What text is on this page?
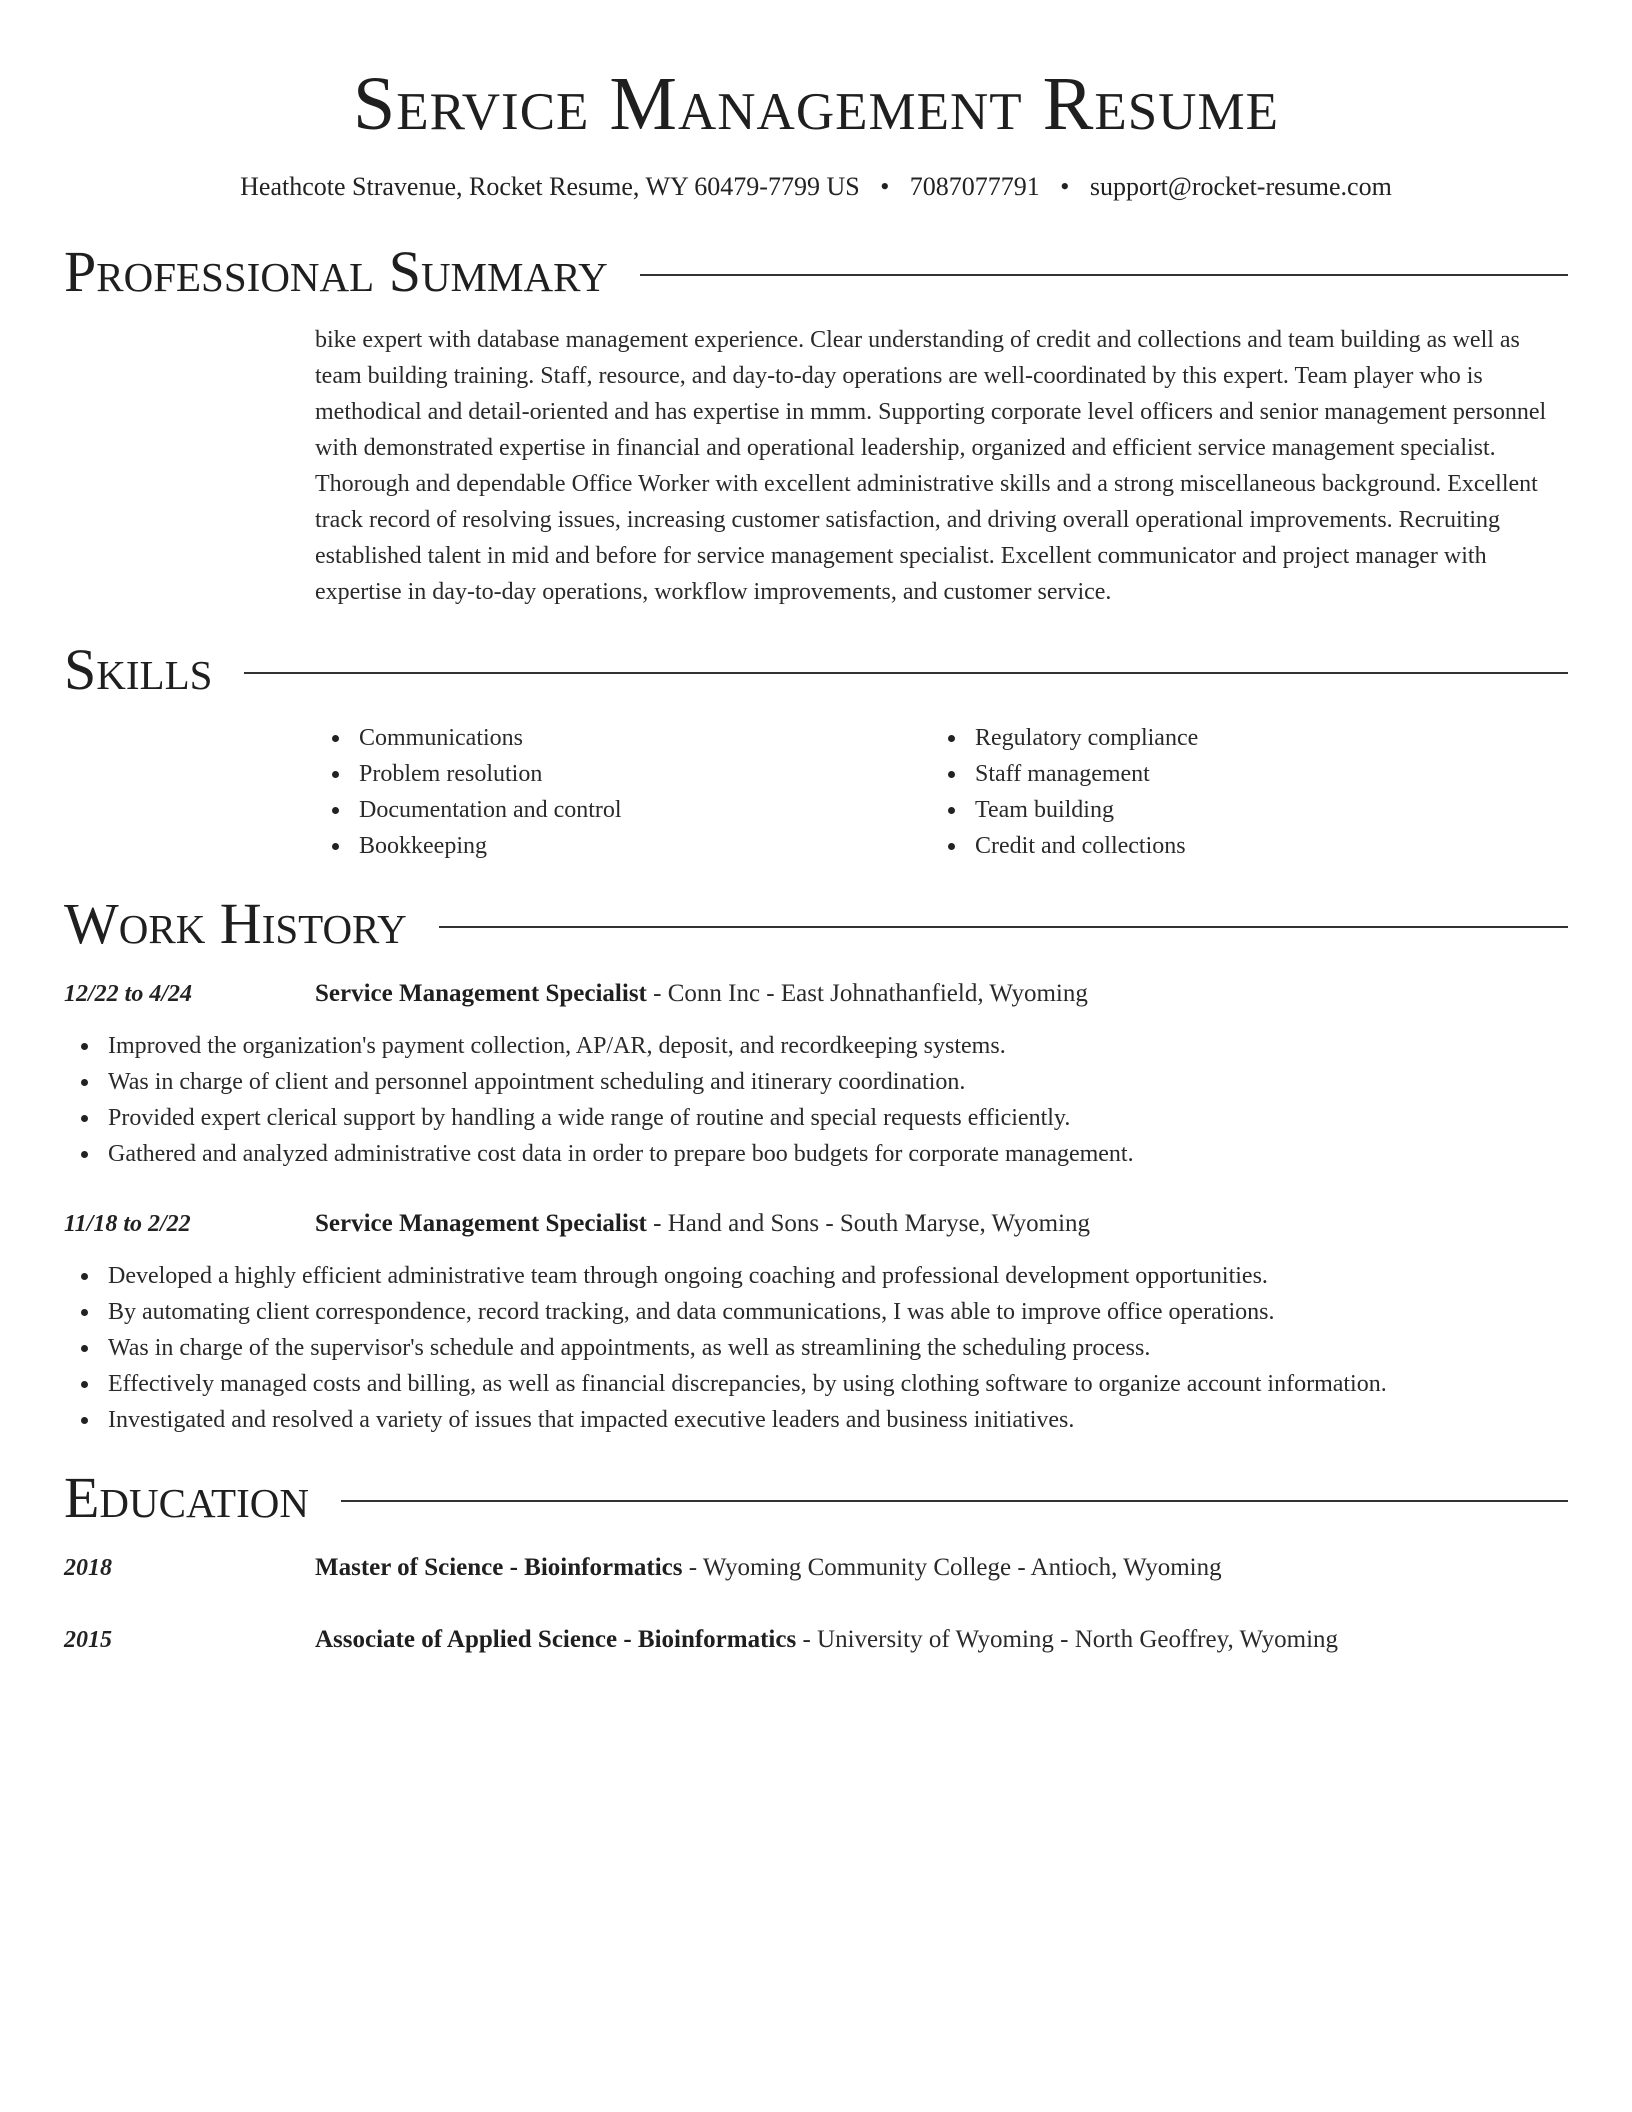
Service Management Resume
Heathcote Stravenue, Rocket Resume, WY 60479-7799 US • 7087077791 • support@rocket-resume.com
Professional Summary
bike expert with database management experience. Clear understanding of credit and collections and team building as well as team building training. Staff, resource, and day-to-day operations are well-coordinated by this expert. Team player who is methodical and detail-oriented and has expertise in mmm. Supporting corporate level officers and senior management personnel with demonstrated expertise in financial and operational leadership, organized and efficient service management specialist. Thorough and dependable Office Worker with excellent administrative skills and a strong miscellaneous background. Excellent track record of resolving issues, increasing customer satisfaction, and driving overall operational improvements. Recruiting established talent in mid and before for service management specialist. Excellent communicator and project manager with expertise in day-to-day operations, workflow improvements, and customer service.
Skills
Communications
Problem resolution
Documentation and control
Bookkeeping
Regulatory compliance
Staff management
Team building
Credit and collections
Work History
12/22 to 4/24	Service Management Specialist - Conn Inc - East Johnathanfield, Wyoming
Improved the organization's payment collection, AP/AR, deposit, and recordkeeping systems.
Was in charge of client and personnel appointment scheduling and itinerary coordination.
Provided expert clerical support by handling a wide range of routine and special requests efficiently.
Gathered and analyzed administrative cost data in order to prepare boo budgets for corporate management.
11/18 to 2/22	Service Management Specialist - Hand and Sons - South Maryse, Wyoming
Developed a highly efficient administrative team through ongoing coaching and professional development opportunities.
By automating client correspondence, record tracking, and data communications, I was able to improve office operations.
Was in charge of the supervisor's schedule and appointments, as well as streamlining the scheduling process.
Effectively managed costs and billing, as well as financial discrepancies, by using clothing software to organize account information.
Investigated and resolved a variety of issues that impacted executive leaders and business initiatives.
Education
2018	Master of Science - Bioinformatics - Wyoming Community College - Antioch, Wyoming
2015	Associate of Applied Science - Bioinformatics - University of Wyoming - North Geoffrey, Wyoming
